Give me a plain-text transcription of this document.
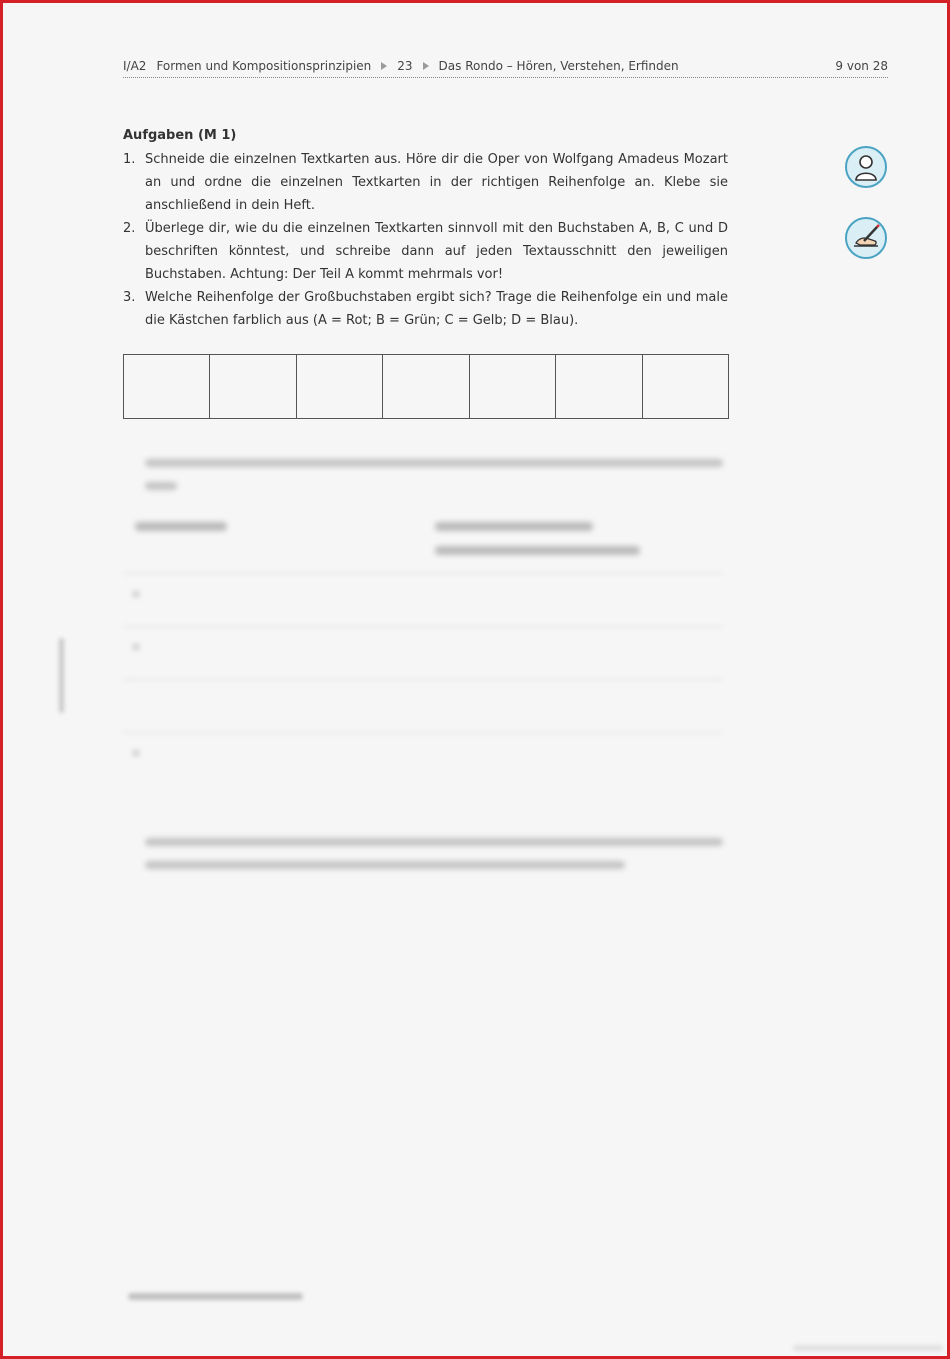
I/A2 Formen und Kompositionsprinzipien 23 Das Rondo – Hören, Verstehen, Erfinden	9 von 28
Aufgaben (M 1)
1. Schneide die einzelnen Textkarten aus. Höre dir die Oper von Wolfgang Amadeus Mozart an und ordne die einzelnen Textkarten in der richtigen Reihenfolge an. Klebe sie anschließend in dein Heft.
2. Überlege dir, wie du die einzelnen Textkarten sinnvoll mit den Buchstaben A, B, C und D beschriften könntest, und schreibe dann auf jeden Textausschnitt den jeweiligen Buchstaben. Achtung: Der Teil A kommt mehrmals vor!
3. Welche Reihenfolge der Großbuchstaben ergibt sich? Trage die Reihenfolge ein und male die Kästchen farblich aus (A = Rot; B = Grün; C = Gelb; D = Blau).
